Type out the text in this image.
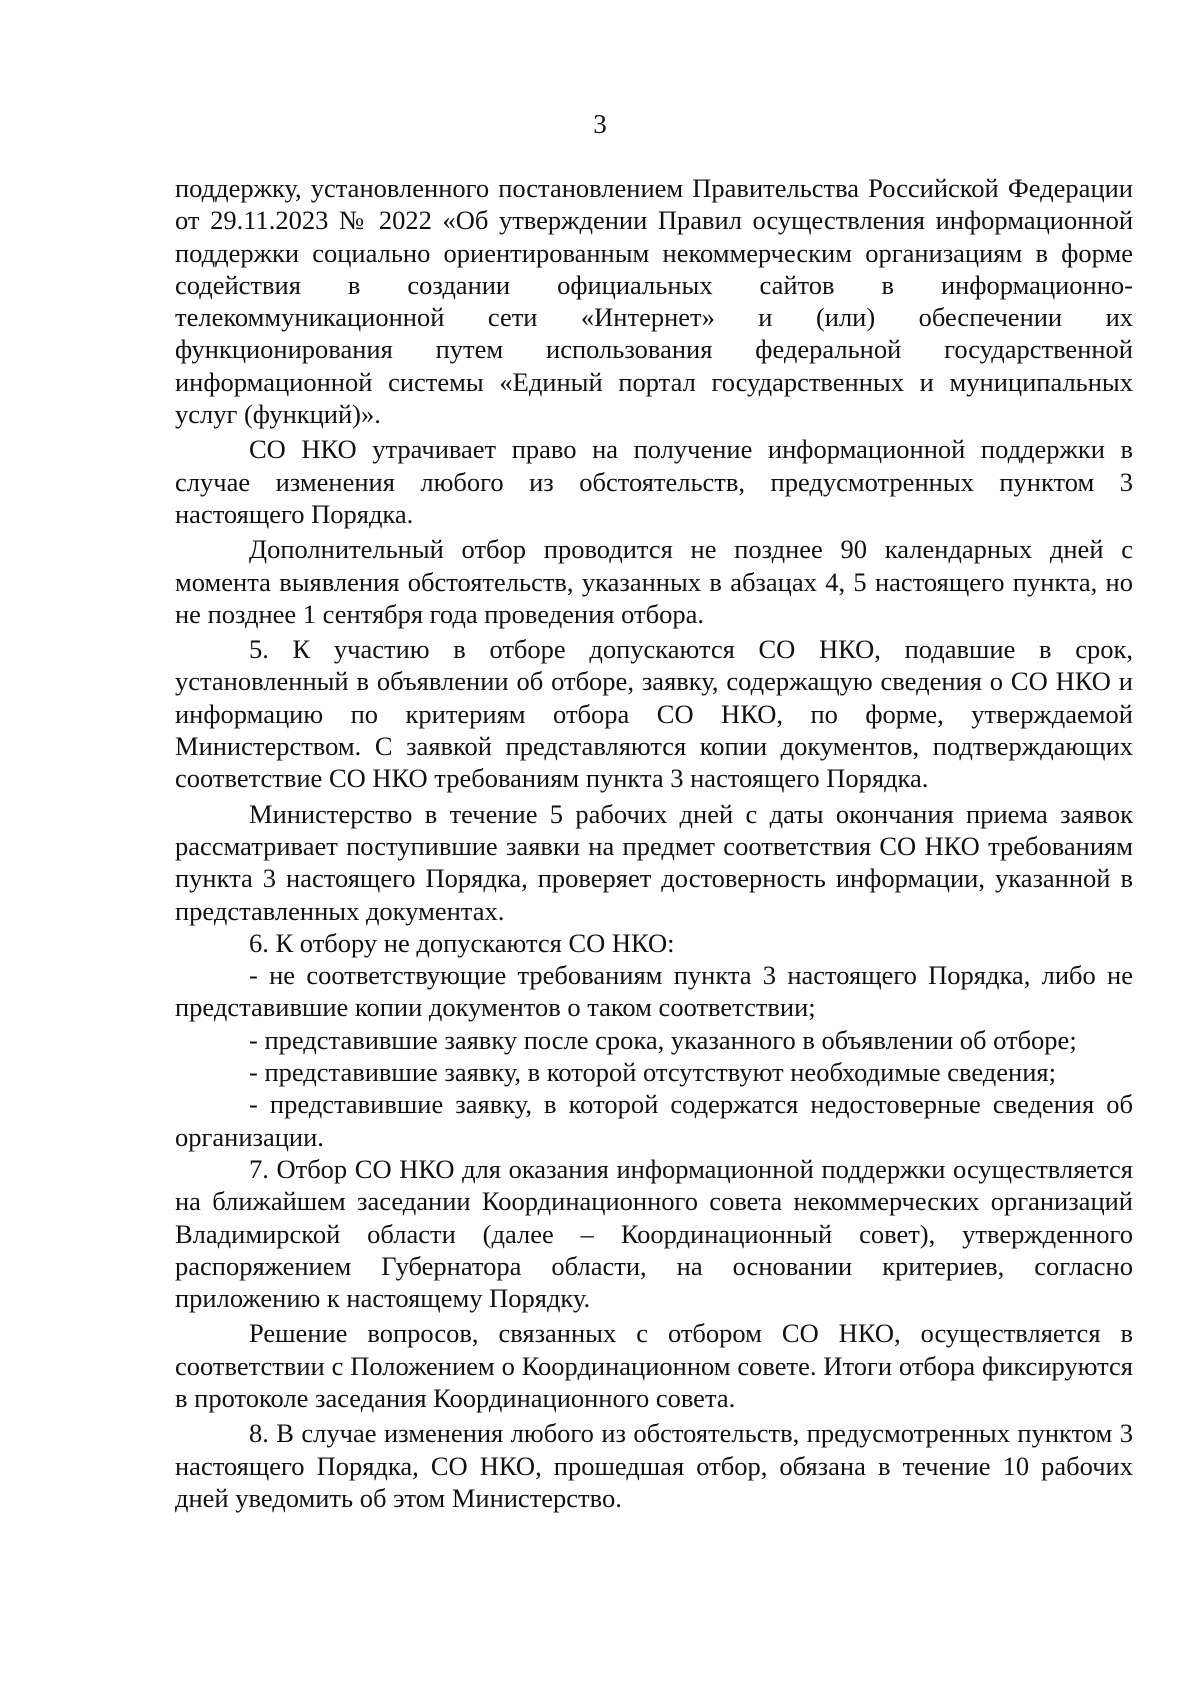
3

поддержку, установленного постановлением Правительства Российской Федерации от 29.11.2023 № 2022 «Об утверждении Правил осуществления информационной поддержки социально ориентированным некоммерческим организациям в форме содействия в создании официальных сайтов в информационно-телекоммуникационной сети «Интернет» и (или) обеспечении их функционирования путем использования федеральной государственной информационной системы «Единый портал государственных и муниципальных услуг (функций)».

СО НКО утрачивает право на получение информационной поддержки в случае изменения любого из обстоятельств, предусмотренных пунктом 3 настоящего Порядка.

Дополнительный отбор проводится не позднее 90 календарных дней с момента выявления обстоятельств, указанных в абзацах 4, 5 настоящего пункта, но не позднее 1 сентября года проведения отбора.

5. К участию в отборе допускаются СО НКО, подавшие в срок, установленный в объявлении об отборе, заявку, содержащую сведения о СО НКО и информацию по критериям отбора СО НКО, по форме, утверждаемой Министерством. С заявкой представляются копии документов, подтверждающих соответствие СО НКО требованиям пункта 3 настоящего Порядка.

Министерство в течение 5 рабочих дней с даты окончания приема заявок рассматривает поступившие заявки на предмет соответствия СО НКО требованиям пункта 3 настоящего Порядка, проверяет достоверность информации, указанной в представленных документах.

6. К отбору не допускаются СО НКО:

- не соответствующие требованиям пункта 3 настоящего Порядка, либо не представившие копии документов о таком соответствии;

- представившие заявку после срока, указанного в объявлении об отборе;

- представившие заявку, в которой отсутствуют необходимые сведения;

- представившие заявку, в которой содержатся недостоверные сведения об организации.

7. Отбор СО НКО для оказания информационной поддержки осуществляется на ближайшем заседании Координационного совета некоммерческих организаций Владимирской области (далее – Координационный совет), утвержденного распоряжением Губернатора области, на основании критериев, согласно приложению к настоящему Порядку.

Решение вопросов, связанных с отбором СО НКО, осуществляется в соответствии с Положением о Координационном совете. Итоги отбора фиксируются в протоколе заседания Координационного совета.

8. В случае изменения любого из обстоятельств, предусмотренных пунктом 3 настоящего Порядка, СО НКО, прошедшая отбор, обязана в течение 10 рабочих дней уведомить об этом Министерство.
